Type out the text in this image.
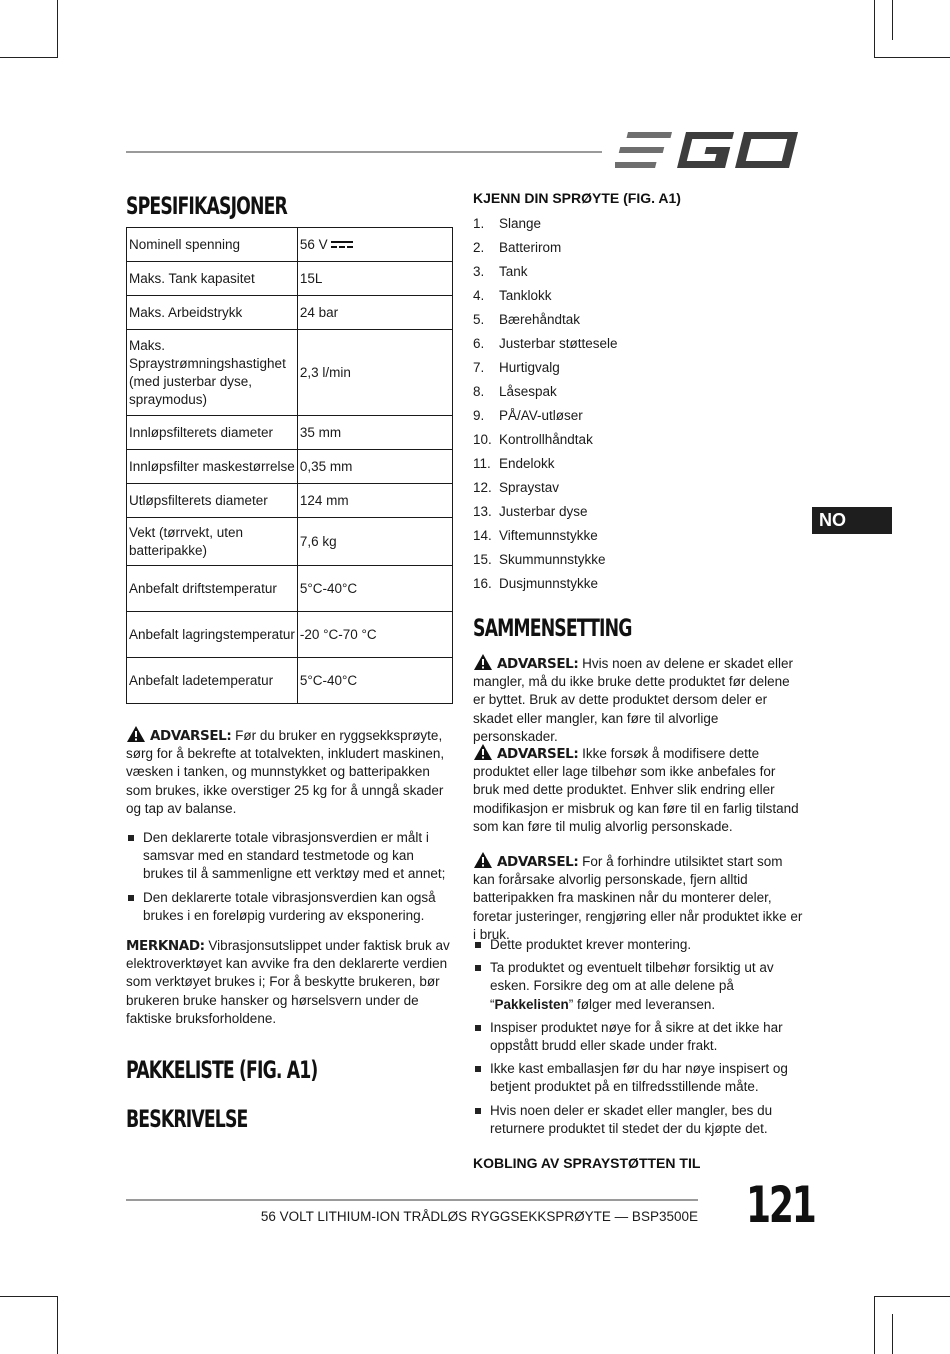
SPESIFIKASJONER
Nominell spenning	56 V
Maks. Tank kapasitet	15L
Maks. Arbeidstrykk	24 bar
Maks. Spraystrømningshastighet (med justerbar dyse, spraymodus)	2,3 l/min
Innløpsfilterets diameter	35 mm
Innløpsfilter maskestørrelse	0,35 mm
Utløpsfilterets diameter	124 mm
Vekt (tørrvekt, uten batteripakke)	7,6 kg
Anbefalt driftstemperatur	5°C-40°C
Anbefalt lagringstemperatur	-20 °C-70 °C
Anbefalt ladetemperatur	5°C-40°C
ADVARSEL: Før du bruker en ryggsekksprøyte, sørg for å bekrefte at totalvekten, inkludert maskinen, væsken i tanken, og munnstykket og batteripakken som brukes, ikke overstiger 25 kg for å unngå skader og tap av balanse.
Den deklarerte totale vibrasjonsverdien er målt i samsvar med en standard testmetode og kan brukes til å sammenligne ett verktøy med et annet;
Den deklarerte totale vibrasjonsverdien kan også brukes i en foreløpig vurdering av eksponering.
MERKNAD: Vibrasjonsutslippet under faktisk bruk av elektroverktøyet kan avvike fra den deklarerte verdien som verktøyet brukes i; For å beskytte brukeren, bør brukeren bruke hansker og hørselsvern under de faktiske bruksforholdene.
PAKKELISTE (FIG. A1)
BESKRIVELSE
KJENN DIN SPRØYTE (FIG. A1)
1. Slange
2. Batterirom
3. Tank
4. Tanklokk
5. Bærehåndtak
6. Justerbar støttesele
7. Hurtigvalg
8. Låsespak
9. PÅ/AV-utløser
10. Kontrollhåndtak
11. Endelokk
12. Spraystav
13. Justerbar dyse
14. Viftemunnstykke
15. Skummunnstykke
16. Dusjmunnstykke
SAMMENSETTING
ADVARSEL: Hvis noen av delene er skadet eller mangler, må du ikke bruke dette produktet før delene er byttet. Bruk av dette produktet dersom deler er skadet eller mangler, kan føre til alvorlige personskader.
ADVARSEL: Ikke forsøk å modifisere dette produktet eller lage tilbehør som ikke anbefales for bruk med dette produktet. Enhver slik endring eller modifikasjon er misbruk og kan føre til en farlig tilstand som kan føre til mulig alvorlig personskade.
ADVARSEL: For å forhindre utilsiktet start som kan forårsake alvorlig personskade, fjern alltid batteripakken fra maskinen når du monterer deler, foretar justeringer, rengjøring eller når produktet ikke er i bruk.
Dette produktet krever montering.
Ta produktet og eventuelt tilbehør forsiktig ut av esken. Forsikre deg om at alle delene på “Pakkelisten” følger med leveransen.
Inspiser produktet nøye for å sikre at det ikke har oppstått brudd eller skade under frakt.
Ikke kast emballasjen før du har nøye inspisert og betjent produktet på en tilfredsstillende måte.
Hvis noen deler er skadet eller mangler, bes du returnere produktet til stedet der du kjøpte det.
KOBLING AV SPRAYSTØTTEN TIL
NO
56 VOLT LITHIUM-ION TRÅDLØS RYGGSEKKSPRØYTE — BSP3500E 121
